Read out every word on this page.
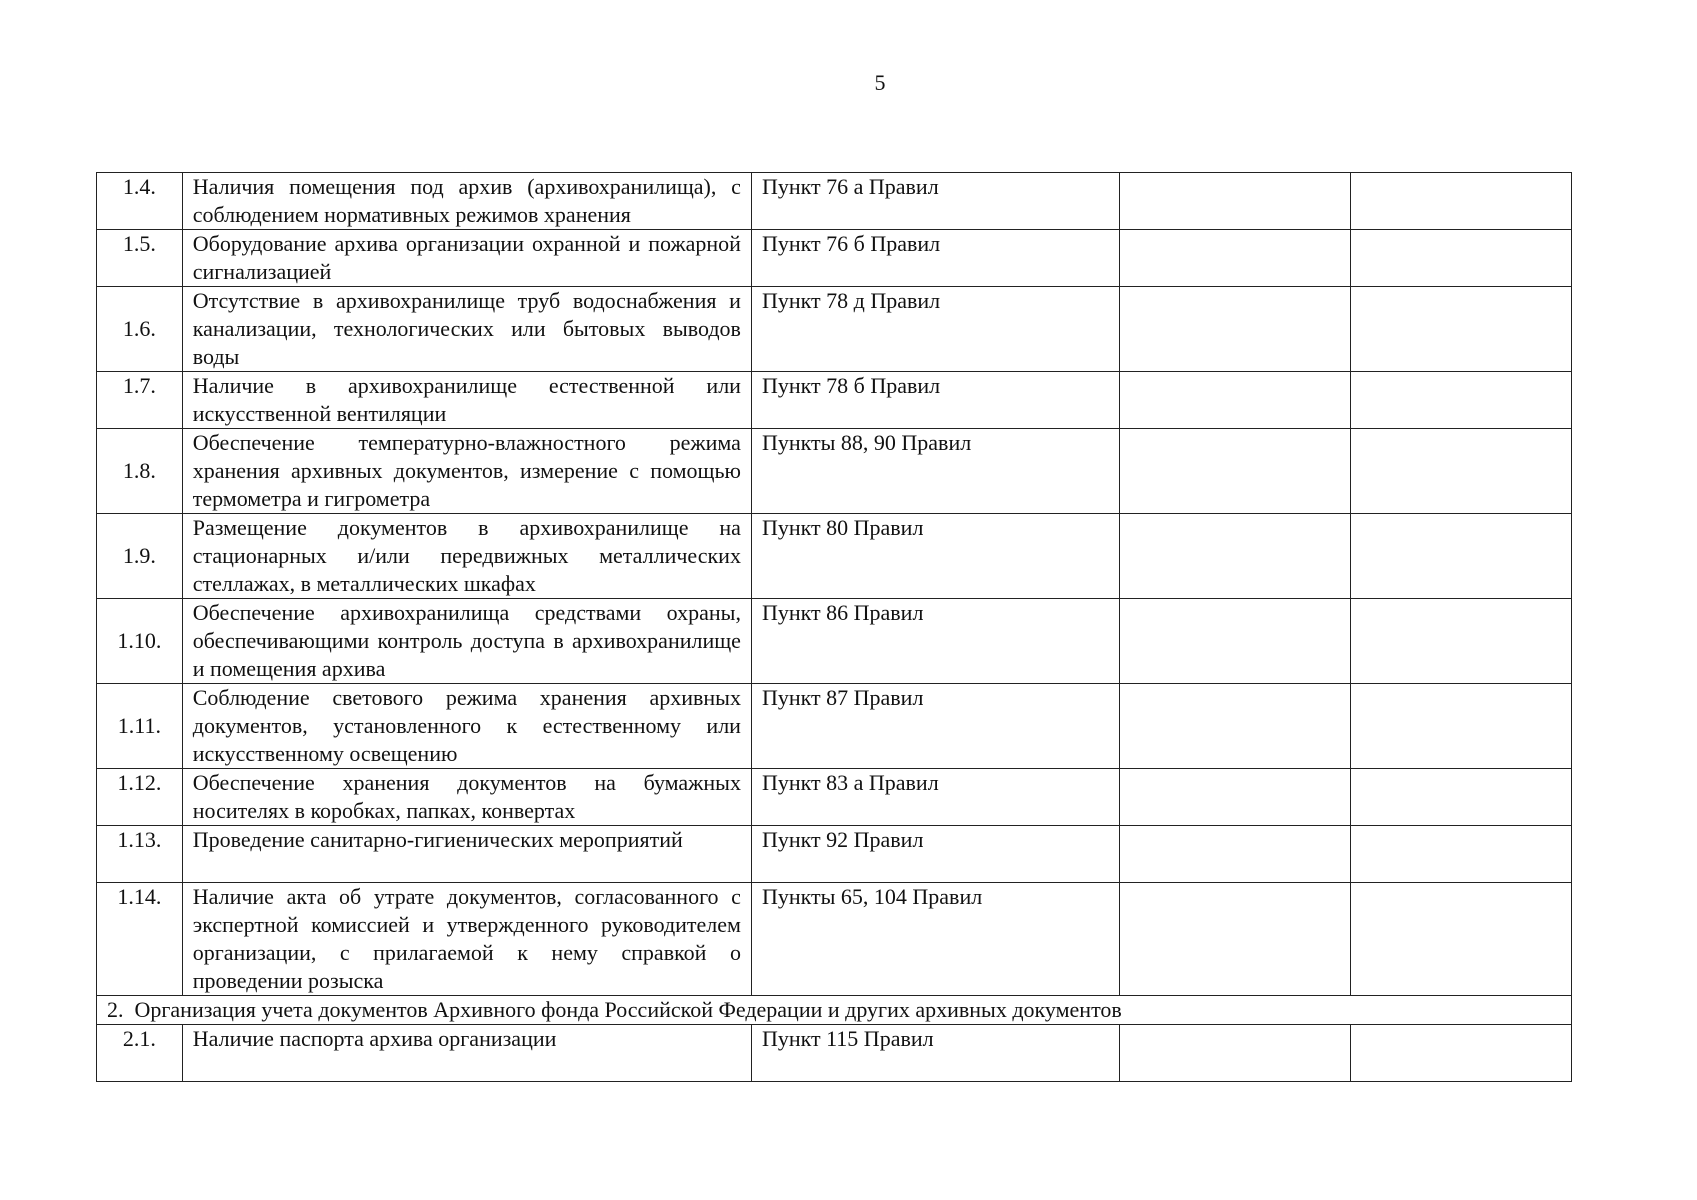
5
1.4.	Наличия помещения под архив (архивохранилища), с соблюдением нормативных режимов хранения	Пункт 76 а Правил		
1.5.	Оборудование архива организации охранной и пожарной сигнализацией	Пункт 76 б Правил		
1.6.	Отсутствие в архивохранилище труб водоснабжения и канализации, технологических или бытовых выводов воды	Пункт 78 д Правил		
1.7.	Наличие в архивохранилище естественной или искусственной вентиляции	Пункт 78 б Правил		
1.8.	Обеспечение температурно-влажностного режима хранения архивных документов, измерение с помощью термометра и гигрометра	Пункты 88, 90 Правил		
1.9.	Размещение документов в архивохранилище на стационарных и/или передвижных металлических стеллажах, в металлических шкафах	Пункт 80 Правил		
1.10.	Обеспечение архивохранилища средствами охраны, обеспечивающими контроль доступа в архивохранилище и помещения архива	Пункт 86 Правил		
1.11.	Соблюдение светового режима хранения архивных документов, установленного к естественному или искусственному освещению	Пункт 87 Правил		
1.12.	Обеспечение хранения документов на бумажных носителях в коробках, папках, конвертах	Пункт 83 а Правил		
1.13.	Проведение санитарно-гигиенических мероприятий	Пункт 92 Правил		
1.14.	Наличие акта об утрате документов, согласованного с экспертной комиссией и утвержденного руководителем организации, с прилагаемой к нему справкой о проведении розыска	Пункты 65, 104 Правил		
2. Организация учета документов Архивного фонда Российской Федерации и других архивных документов				
2.1.	Наличие паспорта архива организации	Пункт 115 Правил		
